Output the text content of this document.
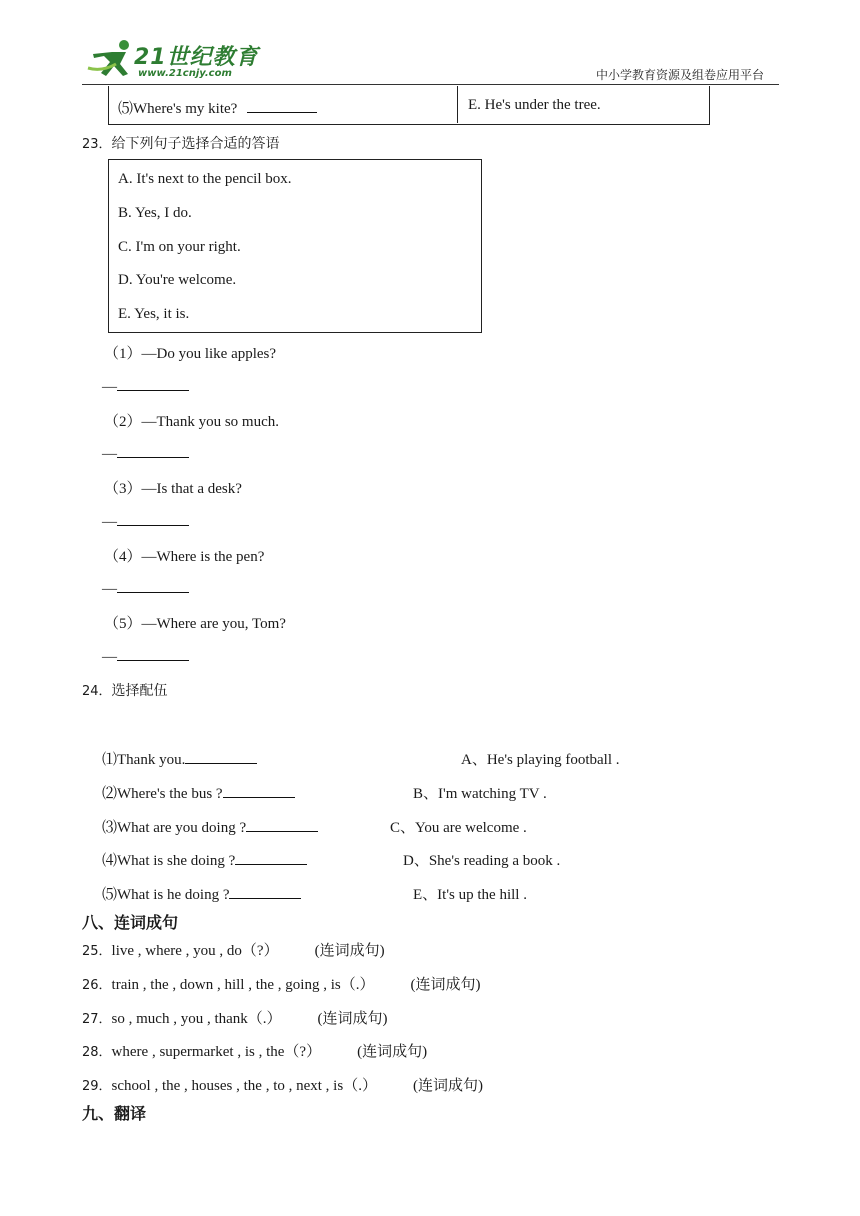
21世纪教育
www.21cnjy.com	中小学教育资源及组卷应用平台
⑸Where's my kite?	E. He's under the tree.
23．给下列句子选择合适的答语
A. It's next to the pencil box.
B. Yes, I do.
C. I'm on your right.
D. You're welcome.
E. Yes, it is.
（1）—Do you like apples?
—
（2）—Thank you so much.
—
（3）—Is that a desk?
—
（4）—Where is the pen?
—
（5）—Where are you, Tom?
—
24．选择配伍
⑴Thank you.	A、He's playing football .
⑵Where's the bus ?	B、I'm watching TV .
⑶What are you doing ?	C、You are welcome .
⑷What is she doing ?	D、She's reading a book .
⑸What is he doing ?	E、It's up the hill .
八、连词成句
25．live , where , you , do（?） (连词成句)
26．train , the , down , hill , the , going , is（.） (连词成句)
27．so , much , you , thank（.） (连词成句)
28．where , supermarket , is , the（?） (连词成句)
29．school , the , houses , the , to , next , is（.） (连词成句)
九、翻译
